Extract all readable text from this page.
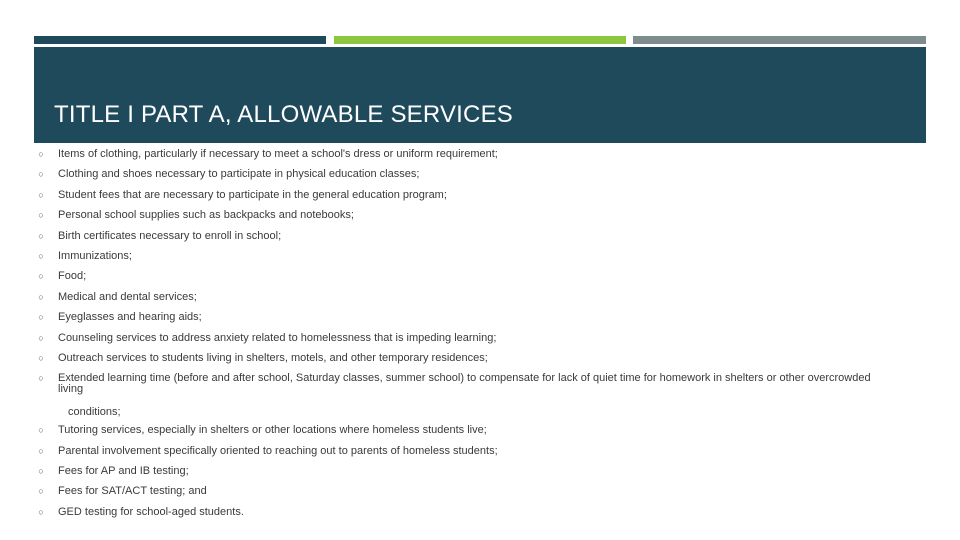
TITLE I PART A, ALLOWABLE SERVICES
○
Items of clothing, particularly if necessary to meet a school's dress or uniform requirement;
○
Clothing and shoes necessary to participate in physical education classes;
○
Student fees that are necessary to participate in the general education program;
○
Personal school supplies such as backpacks and notebooks;
○
Birth certificates necessary to enroll in school;
○
Immunizations;
○
Food;
○
Medical and dental services;
○
Eyeglasses and hearing aids;
○
Counseling services to address anxiety related to homelessness that is impeding learning;
○
Outreach services to students living in shelters, motels, and other temporary residences;
○
Extended learning time (before and after school, Saturday classes, summer school) to compensate for lack of quiet time for homework in shelters or other overcrowded living
conditions;
○
Tutoring services, especially in shelters or other locations where homeless students live;
○
Parental involvement specifically oriented to reaching out to parents of homeless students;
○
Fees for AP and IB testing;
○
Fees for SAT/ACT testing; and
○
GED testing for school-aged students.
